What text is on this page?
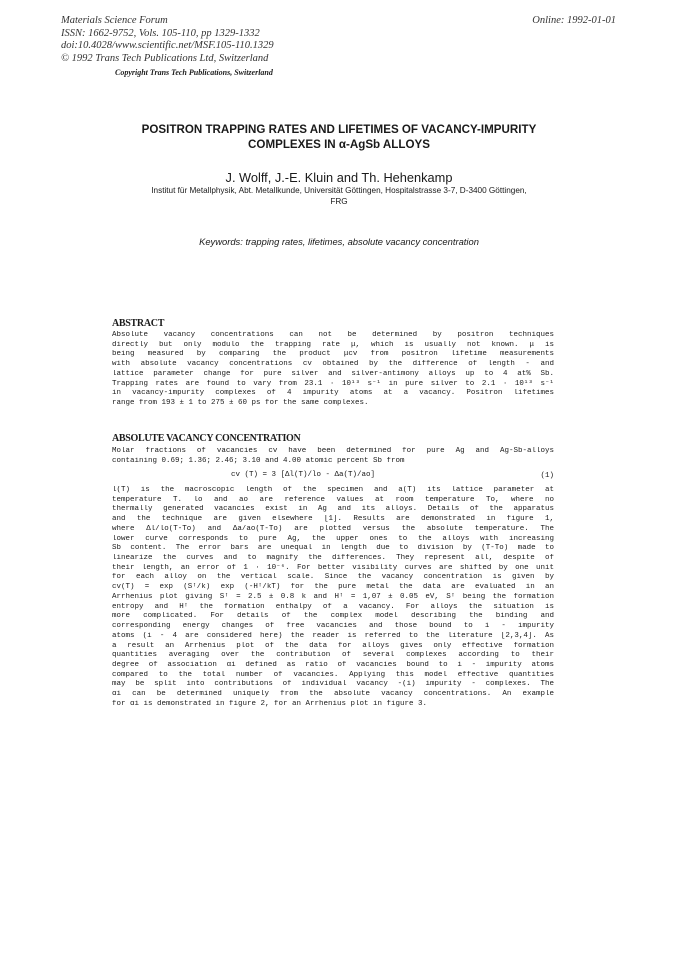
Materials Science Forum
ISSN: 1662-9752, Vols. 105-110, pp 1329-1332
doi:10.4028/www.scientific.net/MSF.105-110.1329
© 1992 Trans Tech Publications Ltd, Switzerland
Online: 1992-01-01
Copyright Trans Tech Publications, Switzerland
POSITRON TRAPPING RATES AND LIFETIMES OF VACANCY-IMPURITY
COMPLEXES IN α-AgSb ALLOYS
J. Wolff, J.-E. Kluin and Th. Hehenkamp
Institut für Metallphysik, Abt. Metallkunde, Universität Göttingen, Hospitalstrasse 3-7, D-3400 Göttingen,
FRG
Keywords: trapping rates, lifetimes, absolute vacancy concentration
ABSTRACT
Absolute vacancy concentrations can not be determined by positron techniques
directly but only modulo the trapping rate μ, which is usually not known. μ is
being measured by comparing the product μcv from positron lifetime measurements
with absolute vacancy concentrations cv obtained by the difference of length - and
lattice parameter change for pure silver and silver-antimony alloys up to 4 at% Sb.
Trapping rates are found to vary from 23.1 · 10¹³ s⁻¹ in pure silver to 2.1 · 10¹³ s⁻¹
in vacancy-impurity complexes of 4 impurity atoms at a vacancy. Positron lifetimes
range from 193 ± 1 to 275 ± 60 ps for the same complexes.
ABSOLUTE VACANCY CONCENTRATION
Molar fractions of vacancies cv have been determined for pure Ag and Ag-Sb-alloys
containing 0.69; 1.36; 2.46; 3.10 and 4.00 atomic percent Sb from
cv (T) = 3 [Δl(T)/lo - Δa(T)/ao]	(1)
l(T) is the macroscopic length of the specimen and a(T) its lattice parameter at
temperature T. lo and ao are reference values at room temperature To, where no
thermally generated vacancies exist in Ag and its alloys. Details of the apparatus
and the technique are given elsewhere [1]. Results are demonstrated in figure 1,
where Δl/lo(T-To) and Δa/ao(T-To) are plotted versus the absolute temperature. The
lower curve corresponds to pure Ag, the upper ones to the alloys with increasing
Sb content. The error bars are unequal in length due to division by (T-To) made to
linearize the curves and to magnify the differences. They represent all, despite of
their length, an error of 1 · 10⁻⁶. For better visibility curves are shifted by one unit
for each alloy on the vertical scale. Since the vacancy concentration is given by
cv(T) = exp (Sᶠ/k) exp (-Hᶠ/kT) for the pure metal the data are evaluated in an
Arrhenius plot giving Sᶠ = 2.5 ± 0.8 k and Hᶠ = 1,07 ± 0.05 eV, Sᶠ being the formation
entropy and Hᶠ the formation enthalpy of a vacancy. For alloys the situation is
more complicated. For details of the complex model describing the binding and
corresponding energy changes of free vacancies and those bound to i - impurity
atoms (i - 4 are considered here) the reader is referred to the literature [2,3,4]. As
a result an Arrhenius plot of the data for alloys gives only effective formation
quantities averaging over the contribution of several complexes according to their
degree of association αi defined as ratio of vacancies bound to i - impurity atoms
compared to the total number of vacancies. Applying this model effective quantities
may be split into contributions of individual vacancy -(i) impurity - complexes. The
αi can be determined uniquely from the absolute vacancy concentrations. An example
for αi is demonstrated in figure 2, for an Arrhenius plot in figure 3.
